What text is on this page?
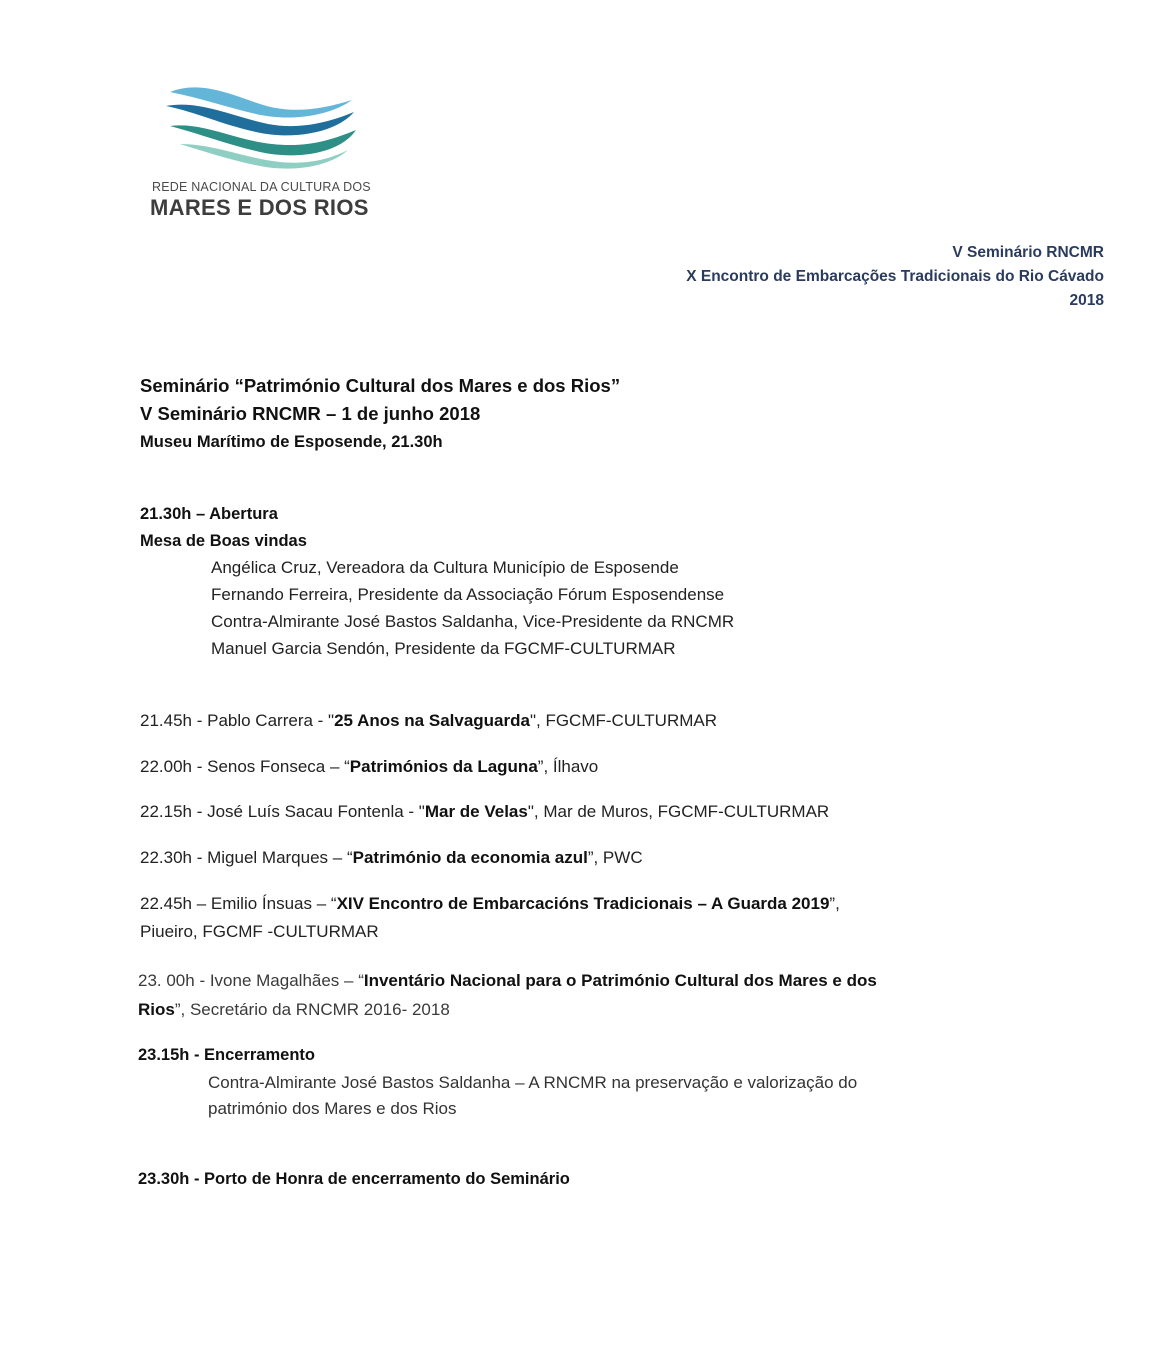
REDE NACIONAL DA CULTURA DOS
MARES E DOS RIOS
V Seminário RNCMR
X Encontro de Embarcações Tradicionais do Rio Cávado
2018
Seminário “Património Cultural dos Mares e dos Rios”
V Seminário RNCMR – 1 de junho 2018
Museu Marítimo de Esposende, 21.30h
21.30h – Abertura
Mesa de Boas vindas
Angélica Cruz, Vereadora da Cultura Município de Esposende
Fernando Ferreira, Presidente da Associação Fórum Esposendense
Contra-Almirante José Bastos Saldanha, Vice-Presidente da RNCMR
Manuel Garcia Sendón, Presidente da FGCMF-CULTURMAR
21.45h - Pablo Carrera - "25 Anos na Salvaguarda", FGCMF-CULTURMAR
22.00h - Senos Fonseca – “Patrimónios da Laguna”, Ílhavo
22.15h - José Luís Sacau Fontenla - "Mar de Velas", Mar de Muros, FGCMF-CULTURMAR
22.30h - Miguel Marques – “Património da economia azul”, PWC
22.45h – Emilio Ínsuas – “XIV Encontro de Embarcacións Tradicionais – A Guarda 2019”,
Piueiro, FGCMF -CULTURMAR
23. 00h - Ivone Magalhães – “Inventário Nacional para o Património Cultural dos Mares e dos
Rios”, Secretário da RNCMR 2016- 2018
23.15h - Encerramento
Contra-Almirante José Bastos Saldanha – A RNCMR na preservação e valorização do
património dos Mares e dos Rios
23.30h - Porto de Honra de encerramento do Seminário
